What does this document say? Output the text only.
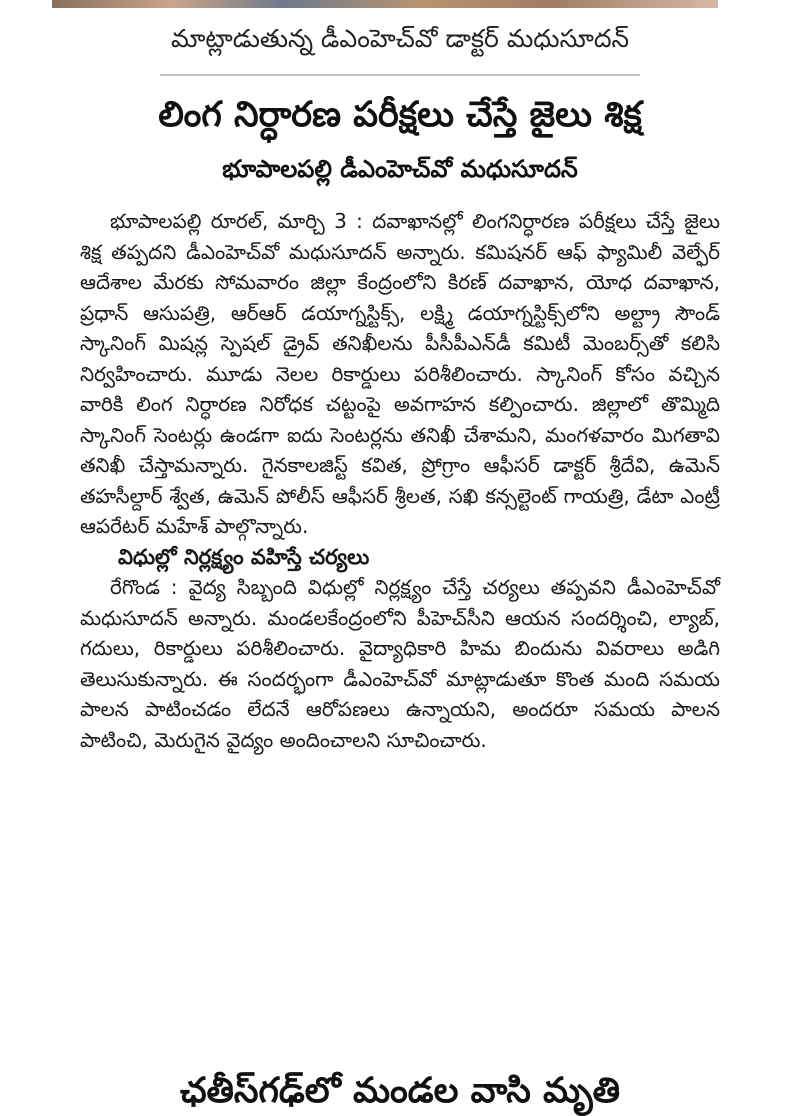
మాట్లాడుతున్న డీఎంహెచ్‌వో డాక్టర్ మధుసూదన్
లింగ నిర్ధారణ పరీక్షలు చేస్తే జైలు శిక్ష
భూపాలపల్లి డీఎంహెచ్‌వో మధుసూదన్

భూపాలపల్లి రూరల్, మార్చి 3 : దవాఖానల్లో లింగనిర్ధారణ పరీక్షలు చేస్తే జైలు శిక్ష తప్పదని డీఎంహెచ్‌వో మధుసూదన్ అన్నారు. కమిషనర్ ఆఫ్ ఫ్యామిలీ వెల్ఫేర్ ఆదేశాల మేరకు సోమవారం జిల్లా కేంద్రంలోని కిరణ్ దవాఖాన, యోధ దవాఖాన, ప్రధాన్ ఆసుపత్రి, ఆర్‌ఆర్ డయాగ్నస్టిక్స్, లక్ష్మి డయాగ్నస్టిక్స్‌లోని అల్ట్రా సౌండ్ స్కానింగ్ మిషన్ల స్పెషల్ డ్రైవ్ తనిఖీలను పీసీపీఎన్‌డీ కమిటీ మెంబర్స్‌తో కలిసి నిర్వహించారు. మూడు నెలల రికార్డులు పరిశీలించారు. స్కానింగ్ కోసం వచ్చిన వారికి లింగ నిర్ధారణ నిరోధక చట్టంపై అవగాహన కల్పించారు. జిల్లాలో తొమ్మిది స్కానింగ్ సెంటర్లు ఉండగా ఐదు సెంటర్లను తనిఖీ చేశామని, మంగళవారం మిగతావి తనిఖీ చేస్తామన్నారు. గైనకాలజిస్ట్ కవిత, ప్రోగ్రాం ఆఫీసర్ డాక్టర్ శ్రీదేవి, ఉమెన్ తహసీల్దార్ శ్వేత, ఉమెన్ పోలీస్ ఆఫీసర్ శ్రీలత, సఖి కన్సల్టెంట్ గాయత్రి, డేటా ఎంట్రీ ఆపరేటర్ మహేశ్ పాల్గొన్నారు.

విధుల్లో నిర్లక్ష్యం వహిస్తే చర్యలు

రేగొండ : వైద్య సిబ్బంది విధుల్లో నిర్లక్ష్యం చేస్తే చర్యలు తప్పవని డీఎంహెచ్‌వో మధుసూదన్ అన్నారు. మండలకేంద్రంలోని పీహెచ్‌సీని ఆయన సందర్శించి, ల్యాబ్, గదులు, రికార్డులు పరిశీలించారు. వైద్యాధికారి హిమ బిందును వివరాలు అడిగి తెలుసుకున్నారు. ఈ సందర్భంగా డీఎంహెచ్‌వో మాట్లాడుతూ కొంత మంది సమయ పాలన పాటించడం లేదనే ఆరోపణలు ఉన్నాయని, అందరూ సమయ పాలన పాటించి, మెరుగైన వైద్యం అందించాలని సూచించారు.

ఛతీస్‌గఢ్‌లో మండల వాసి మృతి
